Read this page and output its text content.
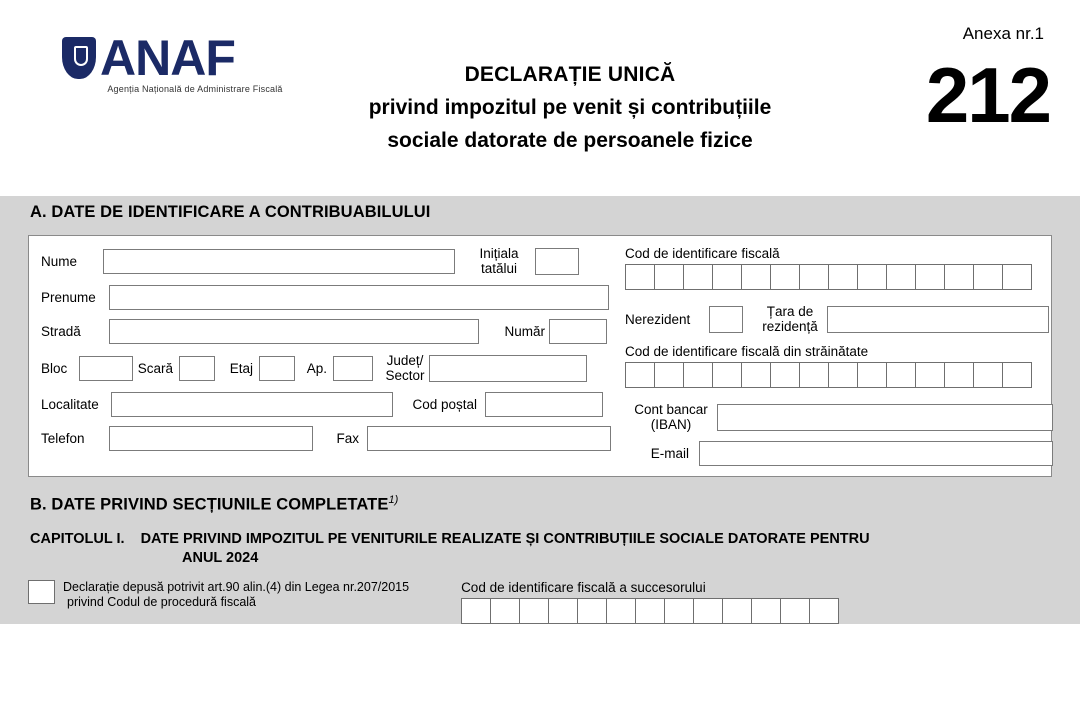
ANAF
Agenția Națională de Administrare Fiscală
DECLARAȚIE UNICĂ
privind impozitul pe venit și contribuțiile
sociale datorate de persoanele fizice
Anexa nr.1
212
A. DATE DE IDENTIFICARE A CONTRIBUABILULUI
Nume	Inițiala
tatălui
Prenume
Stradă	Număr
Bloc	Scară	Etaj	Ap.	Județ/
Sector
Localitate	Cod poștal
Telefon	Fax
Cod de identificare fiscală
Nerezident	Țara de
rezidență
Cod de identificare fiscală din străinătate
Cont bancar
(IBAN)
E-mail
B. DATE PRIVIND SECȚIUNILE COMPLETATE$^{1)}$
CAPITOLUL I. DATE PRIVIND IMPOZITUL PE VENITURILE REALIZATE ȘI CONTRIBUȚIILE SOCIALE DATORATE PENTRU
ANUL 2024
Declarație depusă potrivit art.90 alin.(4) din Legea nr.207/2015
privind Codul de procedură fiscală
Cod de identificare fiscală a succesorului
